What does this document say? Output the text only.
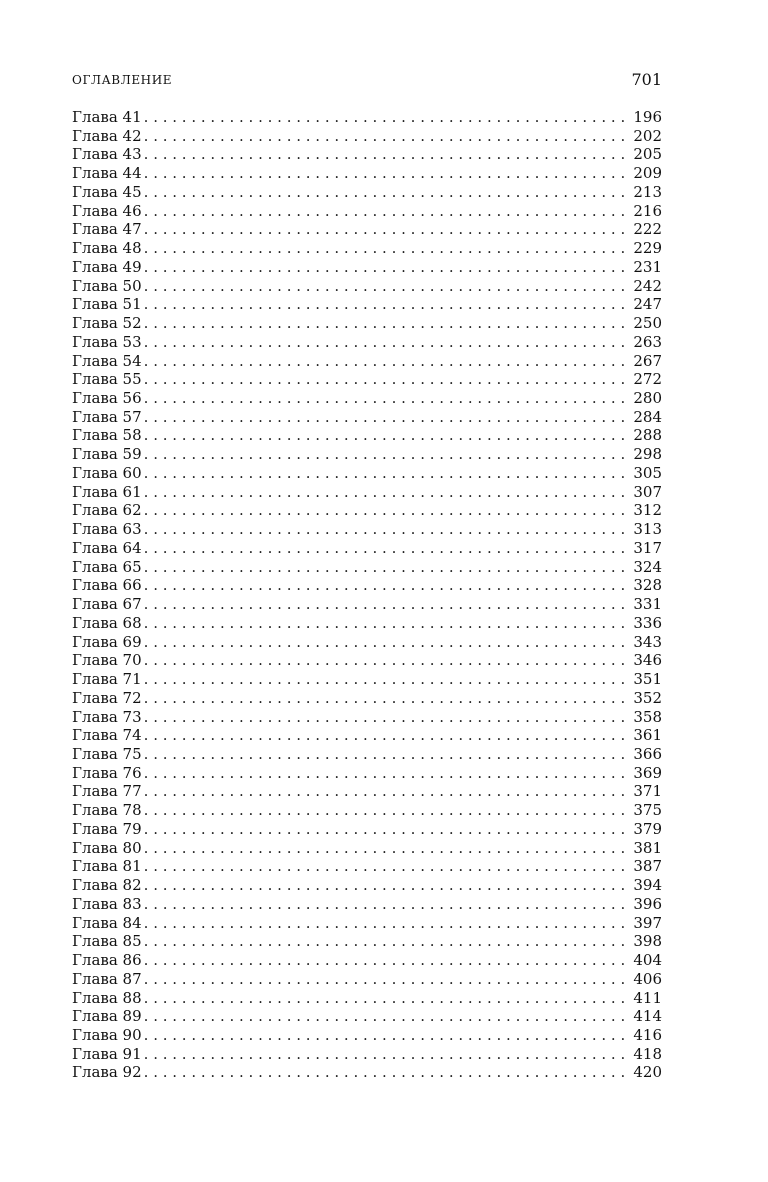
ОГЛАВЛЕНИЕ	701
Глава 41 . . .	196
Глава 42 . . .	202
Глава 43 . . .	205
Глава 44 . . .	209
Глава 45 . . .	213
Глава 46 . . .	216
Глава 47 . . .	222
Глава 48 . . .	229
Глава 49 . . .	231
Глава 50 . . .	242
Глава 51 . . .	247
Глава 52 . . .	250
Глава 53 . . .	263
Глава 54 . . .	267
Глава 55 . . .	272
Глава 56 . . .	280
Глава 57 . . .	284
Глава 58 . . .	288
Глава 59 . . .	298
Глава 60 . . .	305
Глава 61 . . .	307
Глава 62 . . .	312
Глава 63 . . .	313
Глава 64 . . .	317
Глава 65 . . .	324
Глава 66 . . .	328
Глава 67 . . .	331
Глава 68 . . .	336
Глава 69 . . .	343
Глава 70 . . .	346
Глава 71 . . .	351
Глава 72 . . .	352
Глава 73 . . .	358
Глава 74 . . .	361
Глава 75 . . .	366
Глава 76 . . .	369
Глава 77 . . .	371
Глава 78 . . .	375
Глава 79 . . .	379
Глава 80 . . .	381
Глава 81 . . .	387
Глава 82 . . .	394
Глава 83 . . .	396
Глава 84 . . .	397
Глава 85 . . .	398
Глава 86 . . .	404
Глава 87 . . .	406
Глава 88 . . .	411
Глава 89 . . .	414
Глава 90 . . .	416
Глава 91 . . .	418
Глава 92 . . .	420
